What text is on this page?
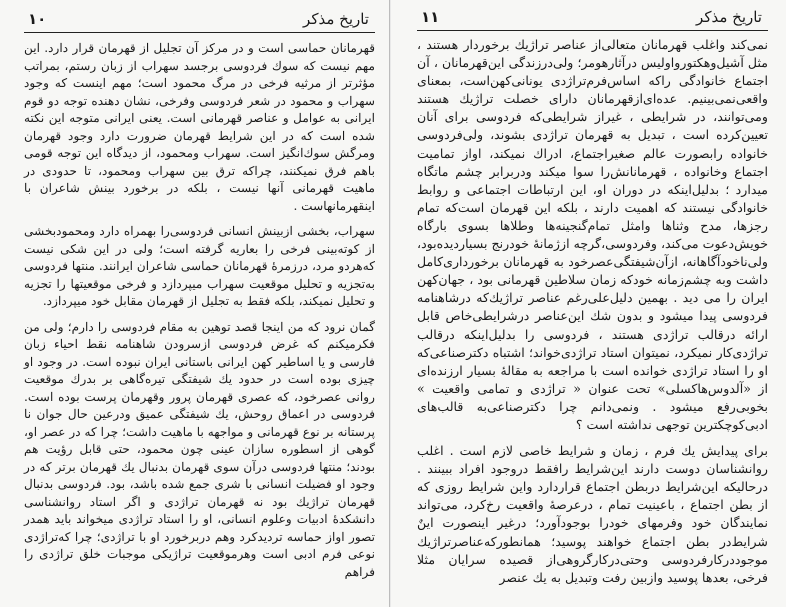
۱۰	تاریخ مذکر

قهرمانان حماسی است و در مرکز آن تجلیل از قهرمان قرار دارد. این مهم نیست که سوك فردوسی برجسد سهراب از زبان رستم، بمراتب مؤثرتر از مرثیه فرخی در مرگ محمود است؛ مهم اینست که وجود سهراب و محمود در شعر فردوسی وفرخی، نشان دهنده توجه دو قوم ایرانی به عوامل و عناصر قهرمانی است. یعنی ایرانی متوجه این نکته شده است که در این شرایط قهرمان ضرورت دارد وجود قهرمان ومرگش سوك‌انگیز است. سهراب ومحمود، از دیدگاه این توجه قومی باهم فرق نمیکنند، چراکه ترق بین سهراب ومحمود، تا حدودی در ماهیت قهرمانی آنها نیست ، بلکه در برخورد بینش شاعران با اینقهرمانهاست .

سهراب، بخشی ازبینش انسانی فردوسی‌را بهمراه دارد ومحمودبخشی از کوته‌بینی فرخی را بعاریه گرفته است؛ ولی در این شکی نیست که‌هردو مرد، درزمرهٔ قهرمانان حماسی شاعران ایرانند‌. منتها فردوسی به‌تجزیه و تحلیل موقعیت سهراب میپردازد و فرخی موقعیتها را تجزیه و تحلیل نمیکند، بلکه فقط به تجلیل از قهرمان مقابل خود میپردازد.

گمان نرود که من اینجا قصد توهین به مقام فردوسی را دارم؛ ولی من فکرمیکنم که غرض فردوسی ازسرودن شاهنامه نقط احیاء زبان فارسی و یا اساطیر کهن ایرانی باستانی ایران نبوده است. در وجود او چیزی بوده است در حدود یك شیفتگی تیره‌گاهی بر بدرك موقعیت روانی عصرخود، که عصری قهرمان پرور وقهرمان پرست بوده است. فردوسی در اعماق روحش، یك شیفتگی عمیق ودرعین حال جوان نا پرستانه بر نوع قهرمانی و مواجهه با ماهیت داشت؛ چرا که در عصر او، گوهی از اسطوره سازان عینی چون محمود، حتی قابل رؤیت هم بودند؛ منتها فردوسی درآن سوی قهرمان بدنبال یك قهرمان برتر که در وجود او فضیلت انسانی با شری جمع شده باشد، بود. فردوسی بدنبال قهرمان تراژیك بود نه قهرمان تراژدی و اگر استاد روانشناسی دانشکدهٔ ادبیات وعلوم انسانی، او را استاد تراژدی میخواند باید همدر تصور اواز حماسه تردیدکرد وهم دربرخورد او با تراژدی؛ چرا که‌تراژدی نوعی فرم ادبی است وهرموقعیت تراژیکی موجبات خلق تراژدی را فراهم

۱۱	تاریخ مذکر

نمی‌کند واغلب قهرمانان متعالی‌از عناصر تراژیك برخوردار هستند ، مثل آشیل‌وهکتور‌واولیس درآثارهومر؛ ولی‌درزندگی این‌قهرمانان ، آن اجتماع خانوادگی راکه اساس‌فرم‌تراژدی یونانی‌کهن‌است، بمعنای واقعی‌نمی‌بینیم. عده‌ای‌ازقهرمانان دارای خصلت تراژیك هستند ومی‌توانند، در شرایطی ، غیراز شرایطی‌که فردوسی برای آنان تعیین‌کرده است ، تبدیل به قهرمان تراژدی بشوند، ولی‌فردوسی خانواده رابصورت عالم صغیراجتماع، ادراك نمیکند، اواز تمامیت اجتماع وخانواده ، قهرمانانش‌را سوا میکند ودربرابر چشم ماتگاه میدارد ؛ بدلیل‌اینکه در دوران او، این ارتباطات اجتماعی و روابط خانوادگی نیستند که اهمیت دارند ، بلکه این قهرمان است‌که تمام رجزها، مدح وثناها وامثل تمام‌گنجینه‌ها وطلاها بسوی بارگاه خویش‌دعوت می‌کند، وفردوسی،گرچه ازژمانهٔ خودرنج بسیاردیده‌بود، ولی‌ناخودآگاهانه، ازآن‌شیفتگی‌عصرخود به قهرمانان برخورداری‌کامل داشت وبه چشم‌زمانه خودکه زمان سلاطین قهرمانی بود ، جهان‌کهن ایران را می دید . بهمین دلیل‌علی‌رغم عناصر تراژیك‌که درشاهنامه فردوسی پیدا میشود و بدون شك این‌عناصر درشرایطی‌خاص قابل ارائه درقالب تراژدی هستند ، فردوسی را بدلیل‌اینکه درقالب تراژدی‌کار نمیکرد، نمیتوان استاد تراژدی‌خواند؛ اشتباه دکترصناعی‌که او را استاد تراژدی خوانده است با مراجعه به مقالهٔ بسیار ارزنده‌ای از «آلدوس‌هاکسلی» تحت عنوان « تراژدی و تمامی واقعیت » بخوبی‌رفع میشود . ونمی‌دانم چرا دکترصناعی‌به قالب‌های ادبی‌کوچکترین توجهی نداشته است ؟

برای پیدایش یك فرم ، زمان و شرایط خاصی لازم است . اغلب روانشناسان دوست دارند این‌شرایط رافقط دروجود افراد ببینند . درحالیکه این‌شرایط دربطن اجتماع قراردارد واین شرایط روزی که از بطن اجتماع ، باعینیت تمام ، درعرصهٔ واقعیت رخ‌کرد، می‌تواند نمایندگان خود وفرمهای خودرا بوجودآورد؛ درغیر اینصورت اینٌ شرایط‌در بطن اجتماع خواهند پوسید؛ همانطورکه‌عناصرتراژیك موجوددرکارفردوسی وحتی‌درکارگروهی‌از قصیده سرایان مثلا فرخی، بعدها پوسید وازبین رفت وتبدیل به یك عنصر
